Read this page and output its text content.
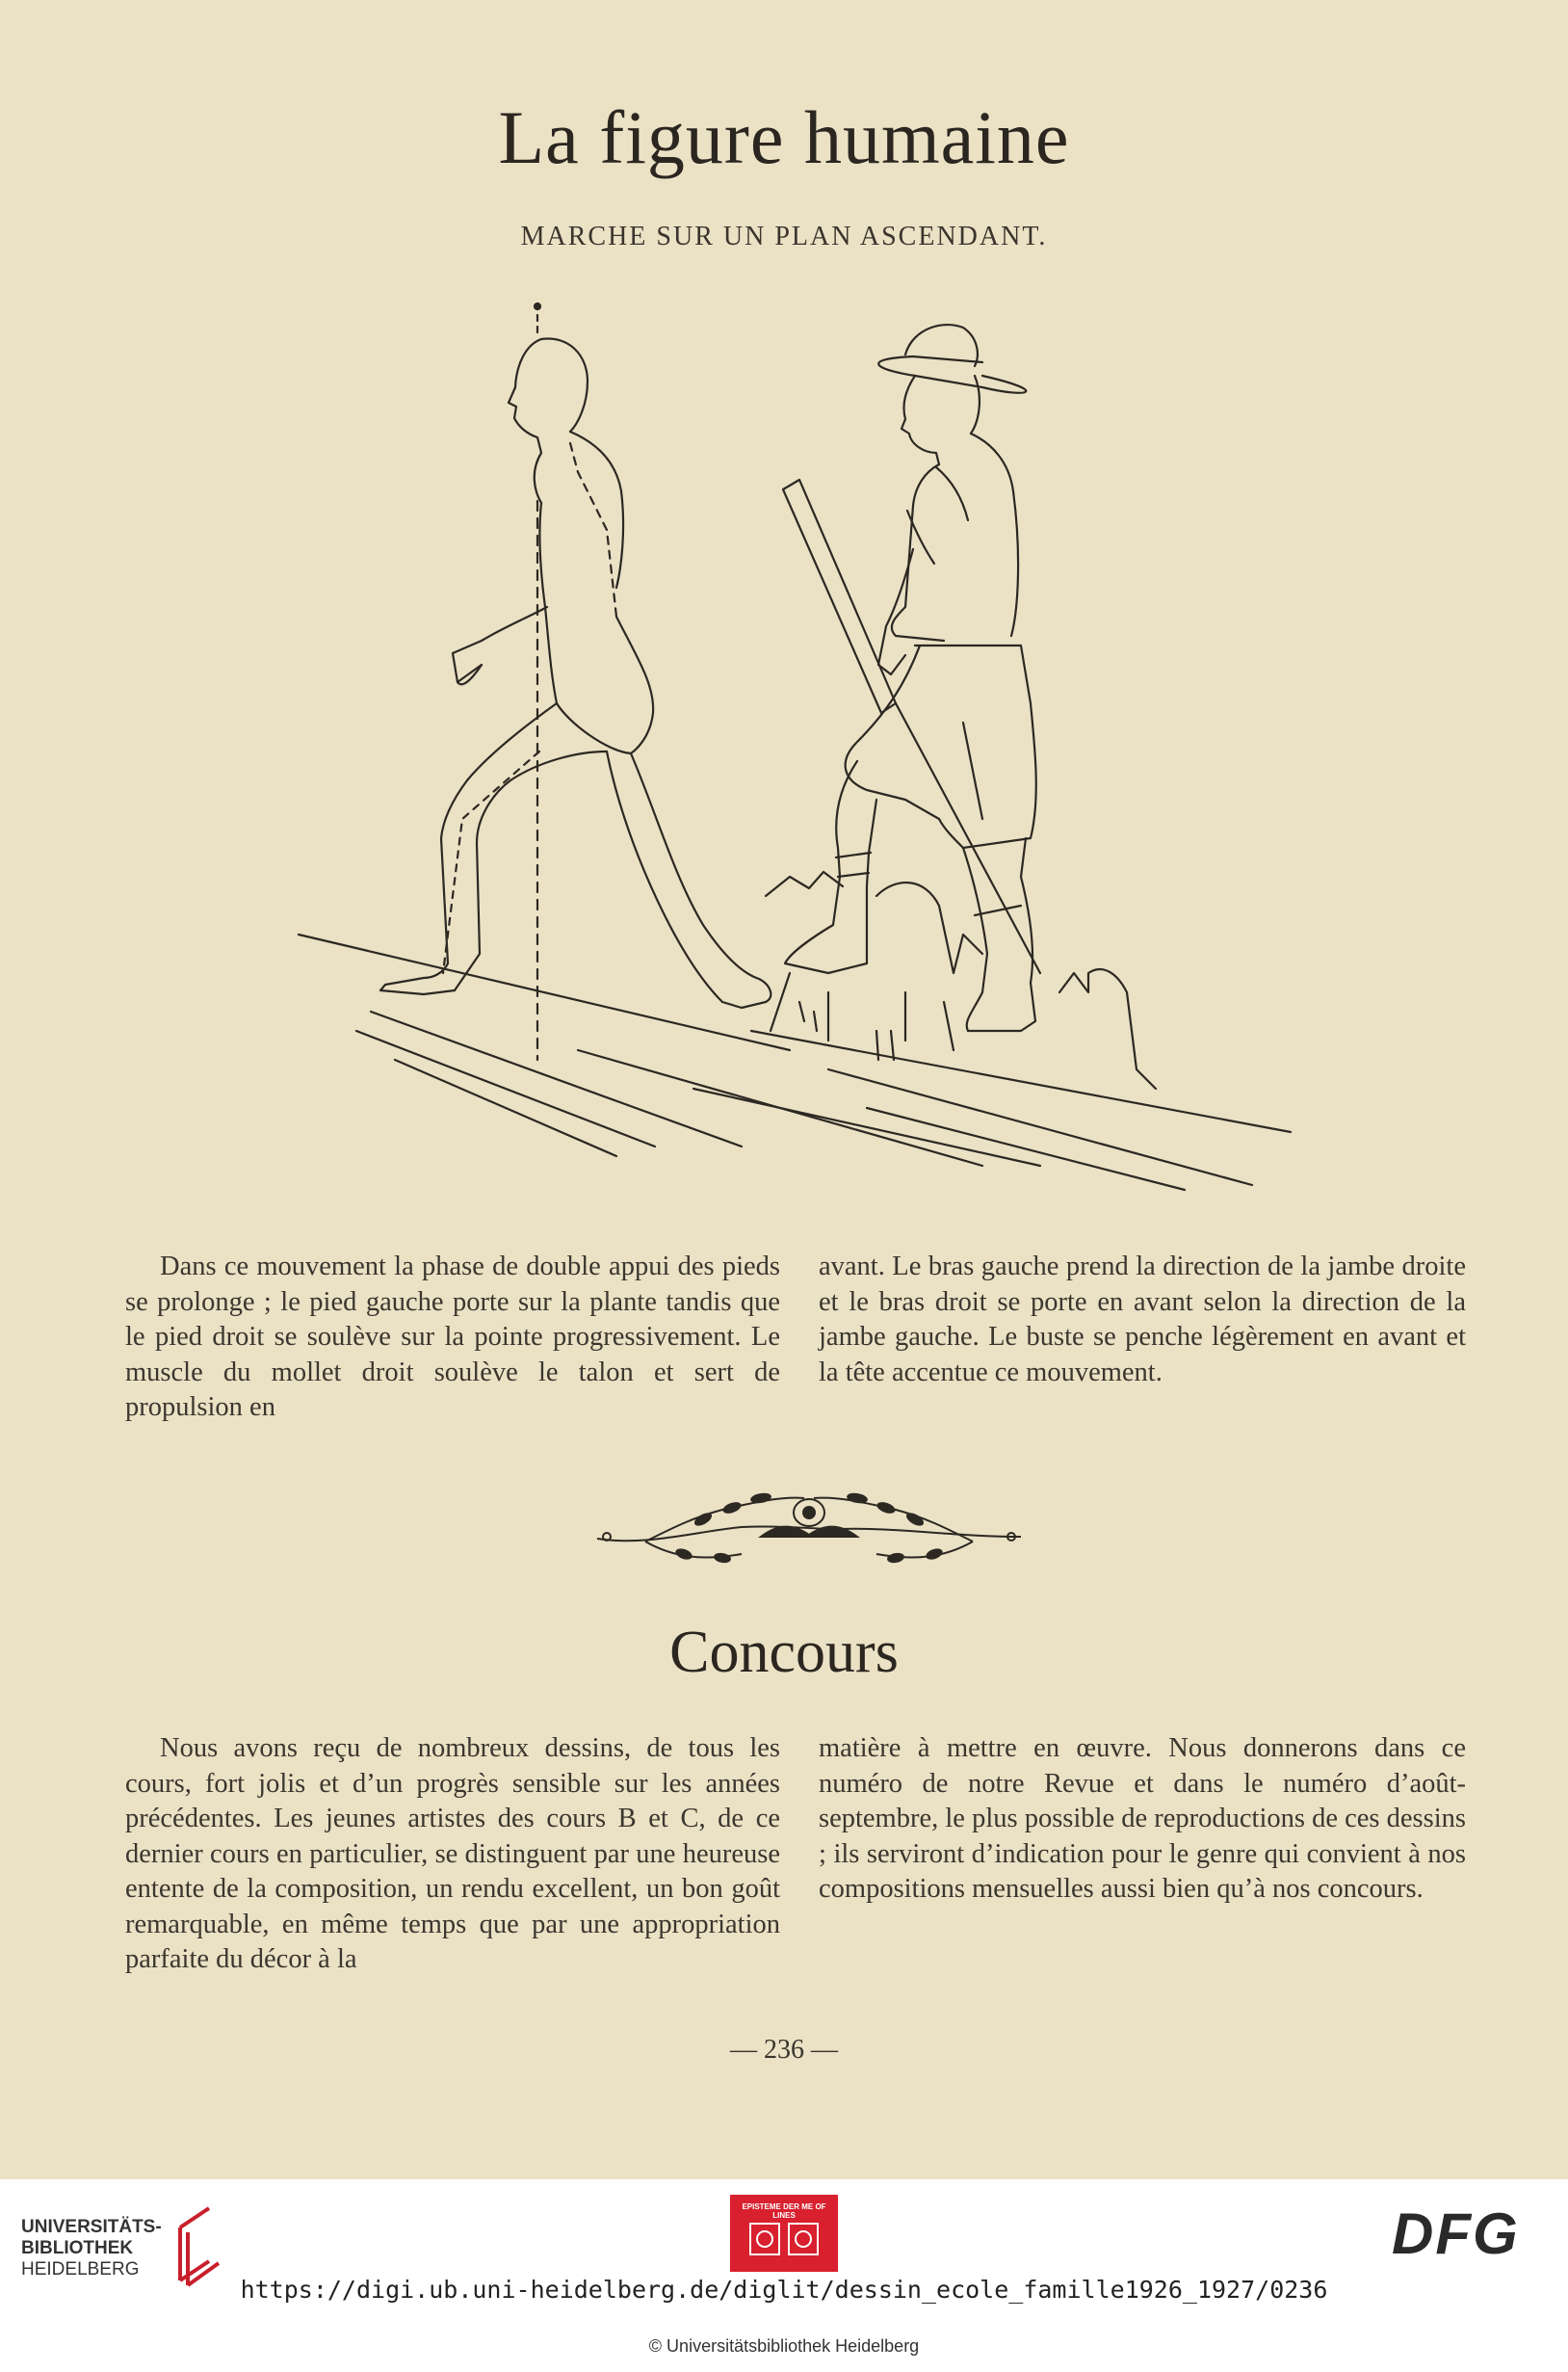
La figure humaine
MARCHE SUR UN PLAN ASCENDANT.

Dans ce mouvement la phase de double appui des pieds se prolonge ; le pied gauche porte sur la plante tandis que le pied droit se soulève sur la pointe progressivement. Le muscle du mollet droit soulève le talon et sert de propulsion en

avant. Le bras gauche prend la direction de la jambe droite et le bras droit se porte en avant selon la direction de la jambe gauche. Le buste se penche légèrement en avant et la tête accentue ce mouvement.

Concours

Nous avons reçu de nombreux dessins, de tous les cours, fort jolis et d’un progrès sensible sur les années précédentes. Les jeunes artistes des cours B et C, de ce dernier cours en particulier, se distinguent par une heureuse entente de la composition, un rendu excellent, un bon goût remarquable, en même temps que par une appropriation parfaite du décor à la

matière à mettre en œuvre. Nous donnerons dans ce numéro de notre Revue et dans le numéro d’août-septembre, le plus possible de reproductions de ces dessins ; ils serviront d’indication pour le genre qui convient à nos compositions mensuelles aussi bien qu’à nos concours.

— 236 —
UNIVERSITÄTS-
BIBLIOTHEK
HEIDELBERG
EPISTEME DER ME OF LINES	DFG
https://digi.ub.uni-heidelberg.de/diglit/dessin_ecole_famille1926_1927/0236
© Universitätsbibliothek Heidelberg
